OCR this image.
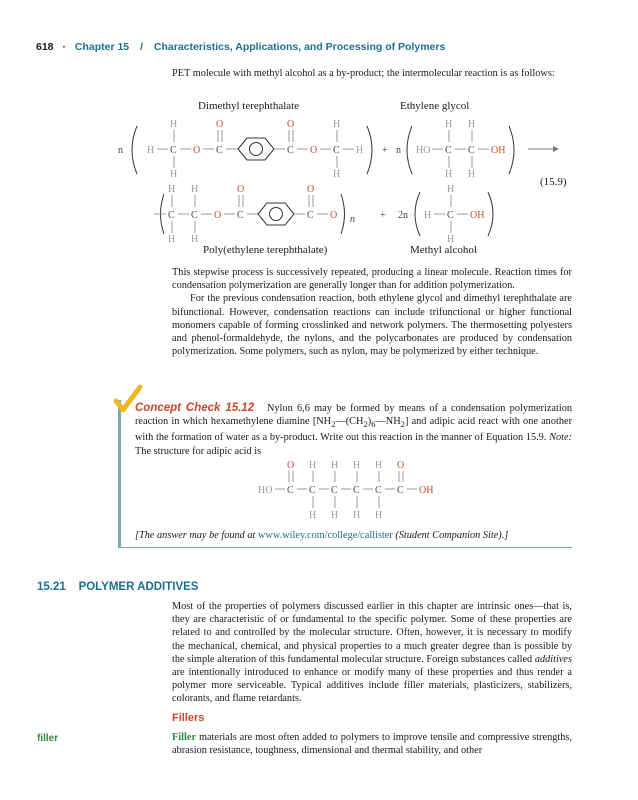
618 · Chapter 15 / Characteristics, Applications, and Processing of Polymers
PET molecule with methyl alcohol as a by-product; the intermolecular reaction is as follows:
Dimethyl terephthalate	Ethylene glycol
n H C
H
H
O C
O
C
O
O C
H
H
H + n HO C
H
H
C
H
H
OH
(15.9)
C
H
H
C
H
H
O C
O
C
O
O n	+ 2n H C
H
H
OH
Poly(ethylene terephthalate)	Methyl alcohol
This stepwise process is successively repeated, producing a linear molecule. Reaction times for condensation polymerization are generally longer than for addition polymerization.
For the previous condensation reaction, both ethylene glycol and dimethyl terephthalate are bifunctional. However, condensation reactions can include trifunctional or higher functional monomers capable of forming crosslinked and network polymers. The thermosetting polyesters and phenol-formaldehyde, the nylons, and the polycarbonates are produced by condensation polymerization. Some polymers, such as nylon, may be polymerized by either technique.
Concept Check 15.12 Nylon 6,6 may be formed by means of a condensation polymerization reaction in which hexamethylene diamine $[NH_2—(CH_2)_6—NH_2]$ and adipic acid react with one another with the formation of water as a by-product. Write out this reaction in the manner of Equation 15.9. Note: The structure for adipic acid is
HO C
O
C
H
H
C
H
H
C
H
H
C
H
H
C
O
OH
[The answer may be found at www.wiley.com/college/callister (Student Companion Site).]
15.21 POLYMER ADDITIVES
Most of the properties of polymers discussed earlier in this chapter are intrinsic ones—that is, they are characteristic of or fundamental to the specific polymer. Some of these properties are related to and controlled by the molecular structure. Often, however, it is necessary to modify the mechanical, chemical, and physical properties to a much greater degree than is possible by the simple alteration of this fundamental molecular structure. Foreign substances called additives are intentionally introduced to enhance or modify many of these properties and thus render a polymer more serviceable. Typical additives include filler materials, plasticizers, stabilizers, colorants, and flame retardants.
Fillers
filler	Filler materials are most often added to polymers to improve tensile and compressive strengths, abrasion resistance, toughness, dimensional and thermal stability, and other
